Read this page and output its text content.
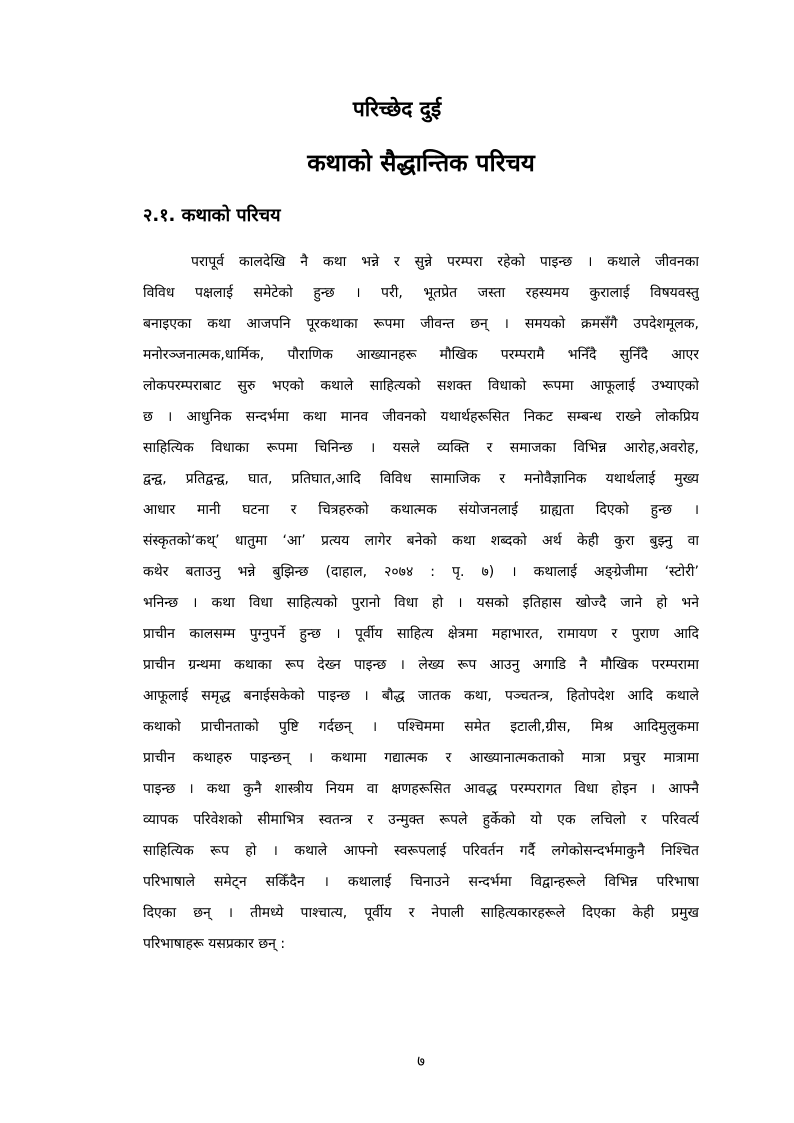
परिच्छेद दुई
कथाको सैद्धान्तिक परिचय
२.१. कथाको परिचय
परापूर्व कालदेखि नै कथा भन्ने र सुन्ने परम्परा रहेको पाइन्छ । कथाले जीवनका
विविध पक्षलाई समेटेको हुन्छ । परी, भूतप्रेत जस्ता रहस्यमय कुरालाई विषयवस्तु
बनाइएका कथा आजपनि पूरकथाका रूपमा जीवन्त छन् । समयको क्रमसँगै उपदेशमूलक,
मनोरञ्जनात्मक,धार्मिक, पौराणिक आख्यानहरू मौखिक परम्परामै भनिँदै सुनिँदै आएर
लोकपरम्पराबाट सुरु भएको कथाले साहित्यको सशक्त विधाको रूपमा आफूलाई उभ्याएको
छ । आधुनिक सन्दर्भमा कथा मानव जीवनको यथार्थहरूसित निकट सम्बन्ध राख्ने लोकप्रिय
साहित्यिक विधाका रूपमा चिनिन्छ । यसले व्यक्ति र समाजका विभिन्न आरोह,अवरोह,
द्वन्द्व, प्रतिद्वन्द्व, घात, प्रतिघात,आदि विविध सामाजिक र मनोवैज्ञानिक यथार्थलाई मुख्य
आधार मानी घटना र चित्रहरुको कथात्मक संयोजनलाई ग्राह्यता दिएको हुन्छ ।
संस्कृतको‘कथ्’ धातुमा ‘आ’ प्रत्यय लागेर बनेको कथा शब्दको अर्थ केही कुरा बुझ्नु वा
कथेर बताउनु भन्ने बुझिन्छ (दाहाल, २०७४ : पृ. ७) । कथालाई अङ्ग्रेजीमा ‘स्टोरी’
भनिन्छ । कथा विधा साहित्यको पुरानो विधा हो । यसको इतिहास खोज्दै जाने हो भने
प्राचीन कालसम्म पुग्नुपर्ने हुन्छ । पूर्वीय साहित्य क्षेत्रमा महाभारत, रामायण र पुराण आदि
प्राचीन ग्रन्थमा कथाका रूप देख्न पाइन्छ । लेख्य रूप आउनु अगाडि नै मौखिक परम्परामा
आफूलाई समृद्ध बनाईसकेको पाइन्छ । बौद्ध जातक कथा, पञ्चतन्त्र, हितोपदेश आदि कथाले
कथाको प्राचीनताको पुष्टि गर्दछन् । पश्चिममा समेत इटाली,ग्रीस, मिश्र आदिमुलुकमा
प्राचीन कथाहरु पाइन्छन् । कथामा गद्यात्मक र आख्यानात्मकताको मात्रा प्रचुर मात्रामा
पाइन्छ । कथा कुनै शास्त्रीय नियम वा क्षणहरूसित आवद्ध परम्परागत विधा होइन । आफ्नै
व्यापक परिवेशको सीमाभित्र स्वतन्त्र र उन्मुक्त रूपले हुर्केको यो एक लचिलो र परिवर्त्य
साहित्यिक रूप हो । कथाले आफ्नो स्वरूपलाई परिवर्तन गर्दै लगेकोसन्दर्भमाकुनै निश्चित
परिभाषाले समेट्न सकिँदैन । कथालाई चिनाउने सन्दर्भमा विद्वान्हरूले विभिन्न परिभाषा
दिएका छन् । तीमध्ये पाश्चात्य, पूर्वीय र नेपाली साहित्यकारहरूले दिएका केही प्रमुख
परिभाषाहरू यसप्रकार छन् :
७
